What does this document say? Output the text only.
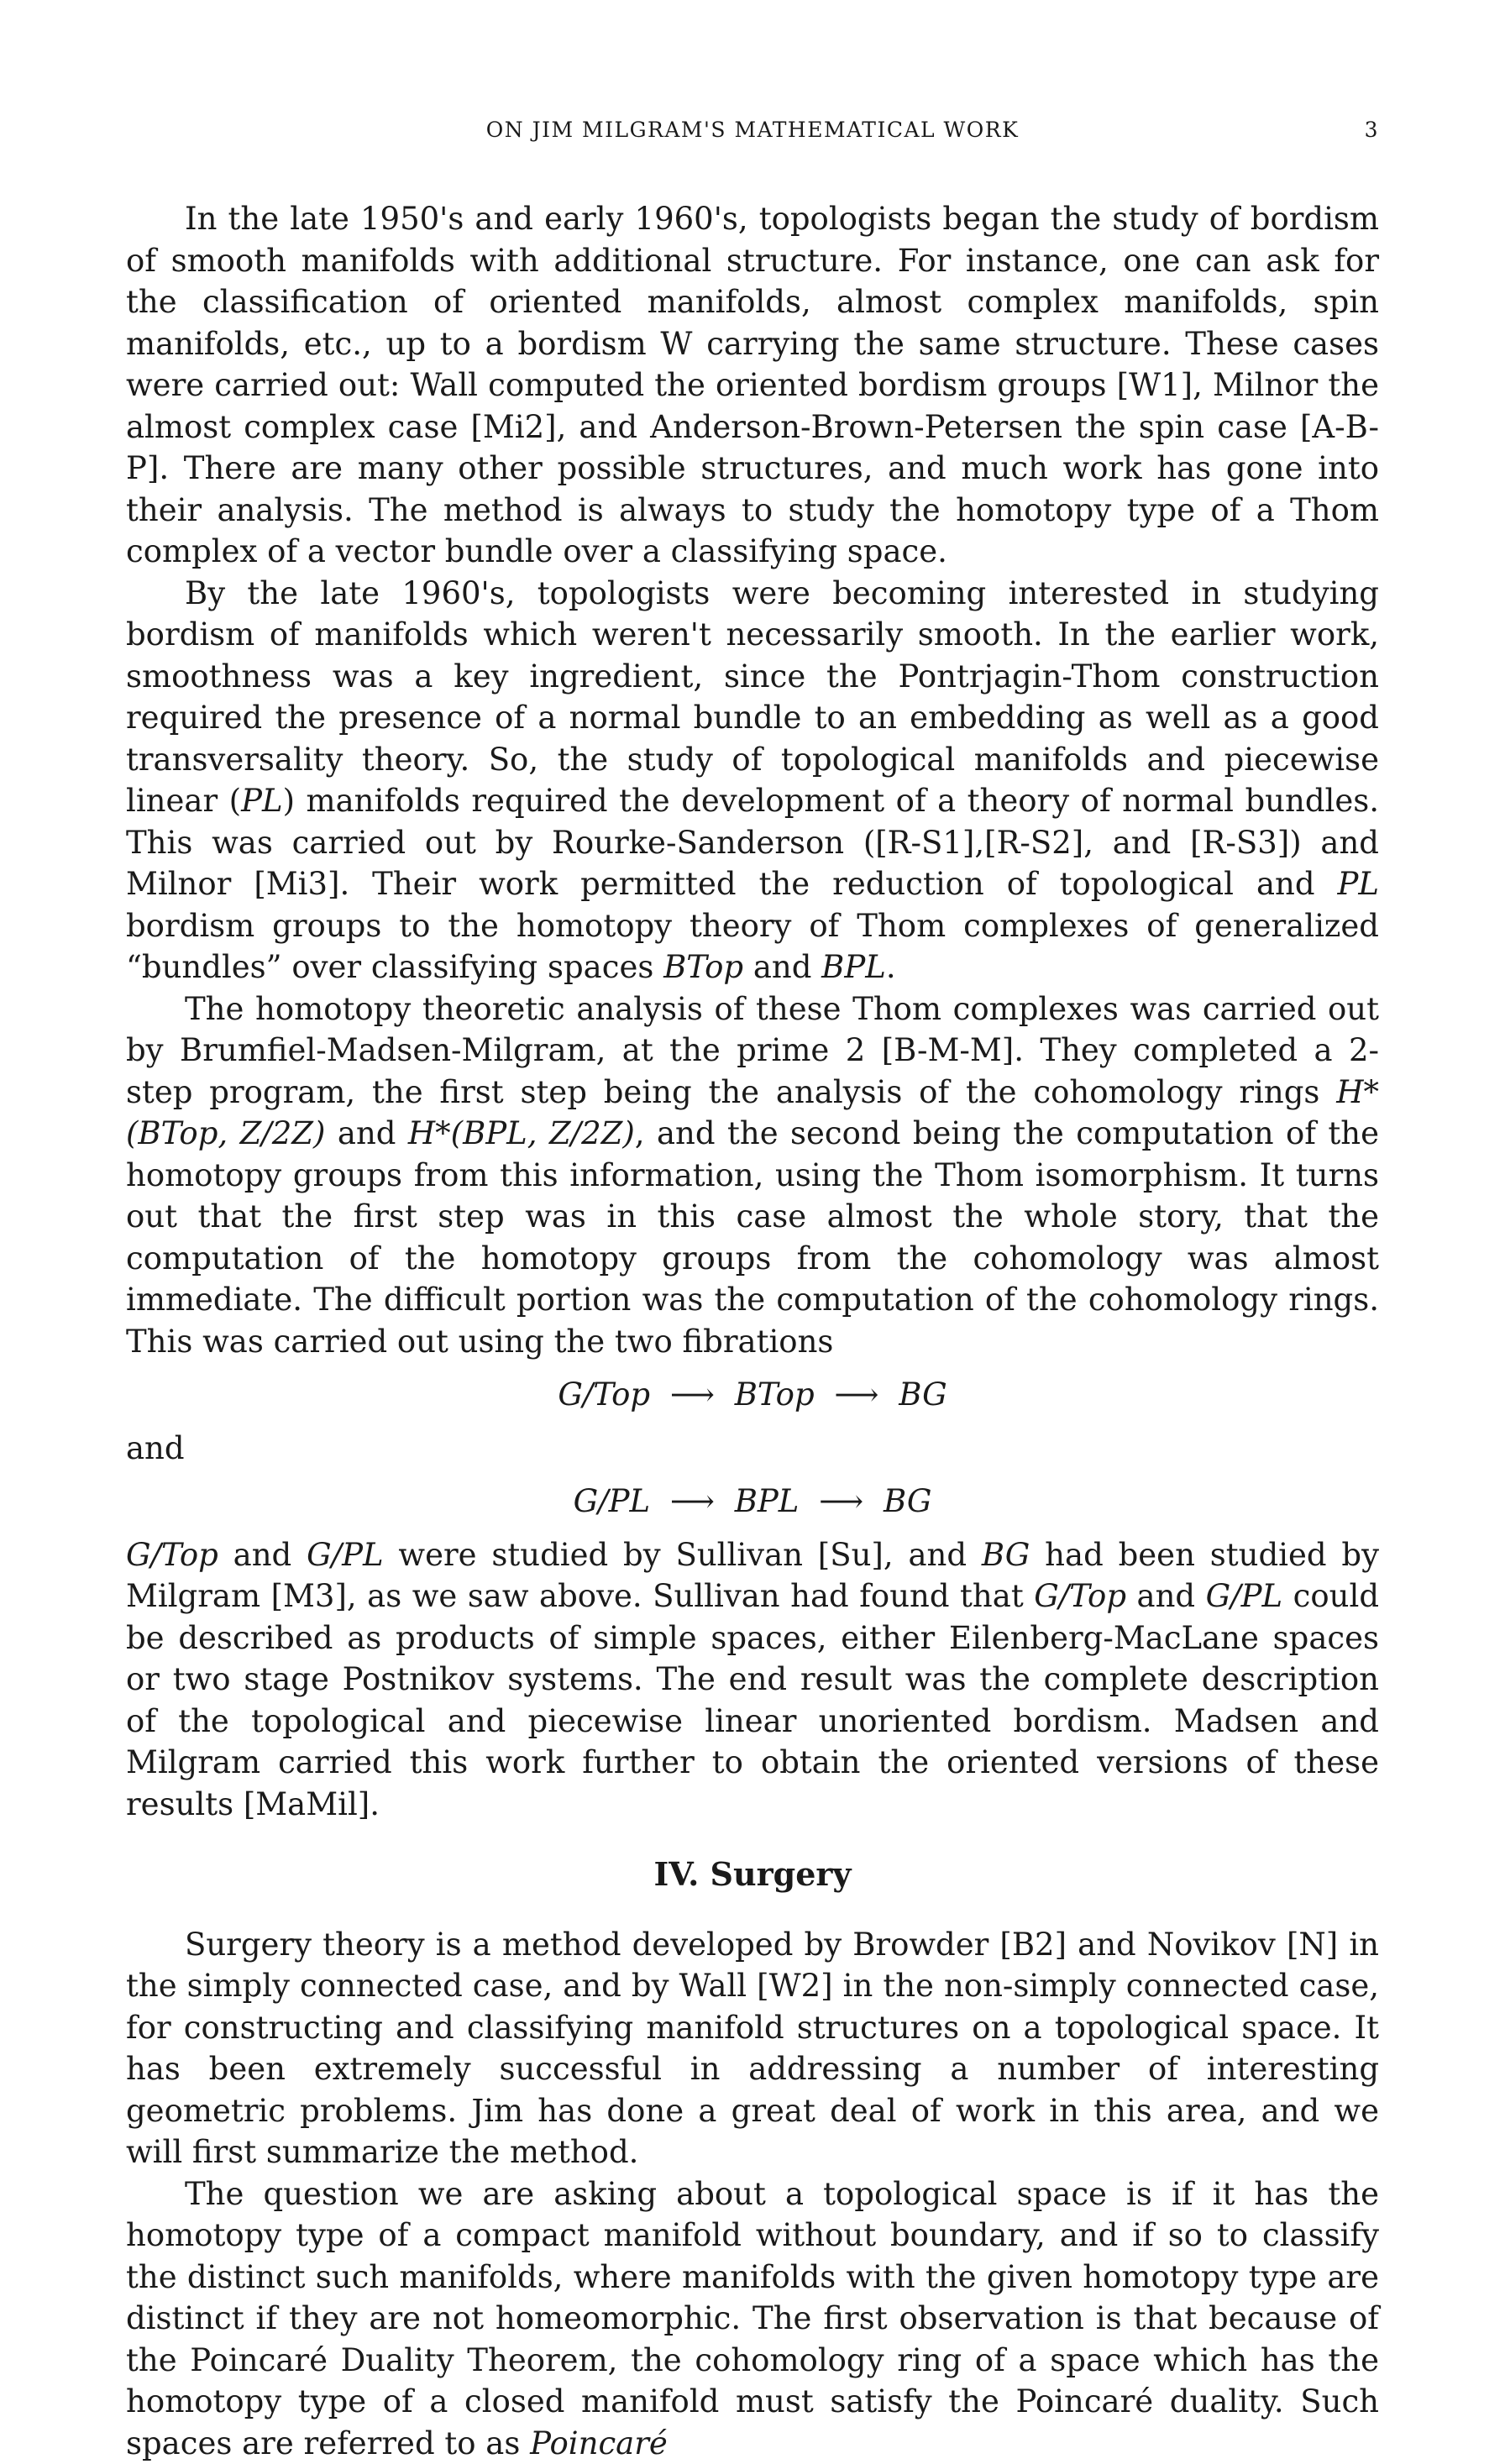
ON JIM MILGRAM'S MATHEMATICAL WORK	3

In the late 1950's and early 1960's, topologists began the study of bordism of smooth manifolds with additional structure. For instance, one can ask for the classification of oriented manifolds, almost complex manifolds, spin manifolds, etc., up to a bordism W carrying the same structure. These cases were carried out: Wall computed the oriented bordism groups [W1], Milnor the almost complex case [Mi2], and Anderson-Brown-Petersen the spin case [A-B-P]. There are many other possible structures, and much work has gone into their analysis. The method is always to study the homotopy type of a Thom complex of a vector bundle over a classifying space.

By the late 1960's, topologists were becoming interested in studying bordism of manifolds which weren't necessarily smooth. In the earlier work, smoothness was a key ingredient, since the Pontrjagin-Thom construction required the presence of a normal bundle to an embedding as well as a good transversality theory. So, the study of topological manifolds and piecewise linear (PL) manifolds required the development of a theory of normal bundles. This was carried out by Rourke-Sanderson ([R-S1],[R-S2], and [R-S3]) and Milnor [Mi3]. Their work permitted the reduction of topological and PL bordism groups to the homotopy theory of Thom complexes of generalized “bundles” over classifying spaces BTop and BPL.

The homotopy theoretic analysis of these Thom complexes was carried out by Brumfiel-Madsen-Milgram, at the prime 2 [B-M-M]. They completed a 2-step program, the first step being the analysis of the cohomology rings H*(BTop, Z/2Z) and H*(BPL, Z/2Z), and the second being the computation of the homotopy groups from this information, using the Thom isomorphism. It turns out that the first step was in this case almost the whole story, that the computation of the homotopy groups from the cohomology was almost immediate. The difficult portion was the computation of the cohomology rings. This was carried out using the two fibrations

G/Top ⟶ BTop ⟶ BG

and

G/PL ⟶ BPL ⟶ BG

G/Top and G/PL were studied by Sullivan [Su], and BG had been studied by Milgram [M3], as we saw above. Sullivan had found that G/Top and G/PL could be described as products of simple spaces, either Eilenberg-MacLane spaces or two stage Postnikov systems. The end result was the complete description of the topological and piecewise linear unoriented bordism. Madsen and Milgram carried this work further to obtain the oriented versions of these results [MaMil].

IV. Surgery

Surgery theory is a method developed by Browder [B2] and Novikov [N] in the simply connected case, and by Wall [W2] in the non-simply connected case, for constructing and classifying manifold structures on a topological space. It has been extremely successful in addressing a number of interesting geometric problems. Jim has done a great deal of work in this area, and we will first summarize the method.

The question we are asking about a topological space is if it has the homotopy type of a compact manifold without boundary, and if so to classify the distinct such manifolds, where manifolds with the given homotopy type are distinct if they are not homeomorphic. The first observation is that because of the Poincaré Duality Theorem, the cohomology ring of a space which has the homotopy type of a closed manifold must satisfy the Poincaré duality. Such spaces are referred to as Poincaré
